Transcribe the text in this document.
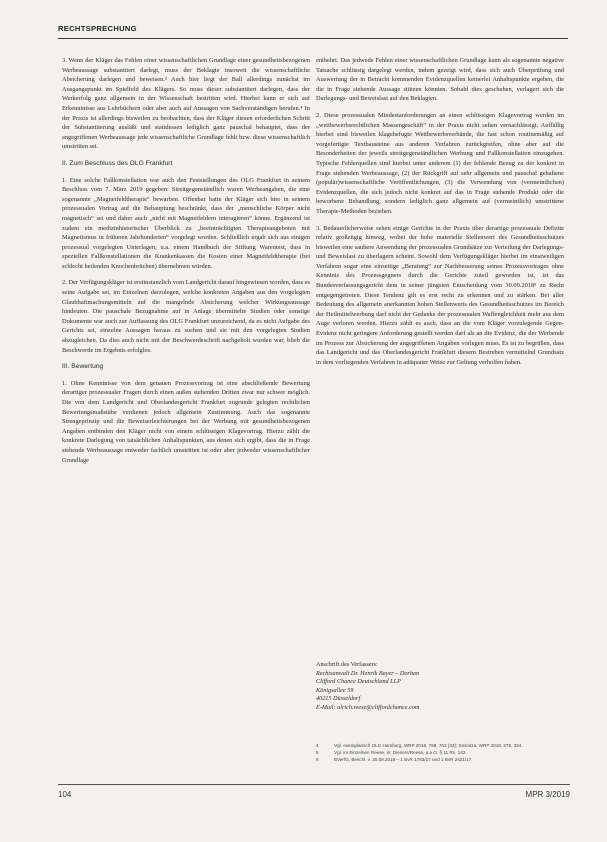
RECHTSPRECHUNG

3. Wenn der Kläger das Fehlen einer wissenschaftlichen Grundlage einer gesundheitsbezogenen Werbeaussage substantiiert darlegt, muss der Beklagte insoweit die wissenschaftliche Absicherung darlegen und beweisen.³ Auch hier liegt der Ball allerdings zunächst im Ausgangspunkt im Spielfeld des Klägers. So muss dieser substantiiert darlegen, dass der Werkerfolg ganz allgemein in der Wissenschaft bestritten wird. Hierbei kann er sich auf Erkenntnisse aus Lehrbüchern oder aber auch auf Aussagen von Sachverständigen berufen.⁴ In der Praxis ist allerdings bisweilen zu beobachten, dass der Kläger diesen erforderlichen Schritt der Substantiierung ausläßt und stattdessen lediglich ganz pauschal behauptet, dass der angegriffenen Werbeaussage jede wissenschaftliche Grundlage fehlt bzw. diese wissenschaftlich umstritten sei.

II. Zum Beschluss des OLG Frankfurt

1. Eine solche Fallkonstellation war auch den Feststellungen des OLG Frankfurt in seinem Beschluss vom 7. März 2019 gegeben: Streitgegenständlich waren Werbeangaben, die eine sogenannte „Magnetfeldtherapie“ bewarben. Offenbar hatte der Kläger sich hier in seinem prozessualen Vortrag auf die Behauptung beschränkt, dass der „menschliche Körper nicht magnetisch“ sei und daher auch „nicht mit Magnetfeldern interagieren“ könne. Ergänzend ist zudem ein medizinhistorischer Überblick zu „beeinträchtigten Therapieangeboten mit Magnetismus in früheren Jahrhunderten“ vorgelegt worden. Schließlich ergab sich aus einigen prozessual vorgelegten Unterlagen, u.a. einem Handbuch der Stiftung Warentest, dass in speziellen Fallkonstellationen die Krankenkassen die Kosten einer Magnetfeldtherapie (bei schlecht heilenden Knochenbrüchen) übernehmen würden.

2. Der Verfügungskläger ist erstinstanzlich vom Landgericht darauf hingewiesen worden, dass es seine Aufgabe sei, im Einzelnen darzulegen, welche konkreten Angaben aus den vorgelegten Glaubhaftmachungsmitteln auf die mangelnde Absicherung welcher Wirkungsaussage hindeuten. Die pauschale Bezugnahme auf in Anlage übermittelte Studien oder sonstige Dokumente war auch zur Auffassung des OLG Frankfurt unzureichend, da es nicht Aufgabe des Gerichts sei, einzelne Aussagen heraus zu suchen und sie mit den vorgelegten Studien abzugleichen. Da dies auch nicht mit der Beschwerdeschrift nachgeholt wurden war, blieb die Beschwerde im Ergebnis erfolglos.

III. Bewertung

1. Ohne Kenntnisse von dem genauen Prozessvortrag ist eine abschließende Bewertung derartiger prozessualer Fragen durch einen außen stehenden Dritten zwar nur schwer möglich. Die von dem Landgericht und Oberlandesgericht Frankfurt zugrunde gelegten rechtlichen Bewertungsmaßstäbe verdienen jedoch allgemein Zustimmung. Auch das sogenannte Strengeprinzip und die Beweiserleichterungen bei der Werbung mit gesundheitsbezogenen Angaben entbinden den Kläger nicht von einem schlüssigen Klagevortrag. Hierzu zählt die konkrete Darlegung von tatsächlichen Anhaltspunkten, aus denen sich ergibt, dass die in Frage stehende Werbeaussage entweder fachlich umstritten ist oder aber jedweder wissenschaftlicher Grundlage

entbehrt. Das jedwede Fehlen einer wissenschaftlichen Grundlage kann als sogenannte negative Tatsache schlüssig dargelegt werden, indem gezeigt wird, dass sich auch Überprüfung und Auswertung der in Betracht kommenden Evidenzquellen keinerlei Anhaltspunkte ergeben, die die in Frage stehende Aussage stützen könnten. Sobald dies geschehen, verlagert sich die Darlegungs- und Beweislast auf den Beklagten.

2. Diese prozessualen Mindestanforderungen an einen schlüssigen Klagevortrag werden im „wettbewerbsrechtlichen Massengeschäft“ in der Praxis nicht selten vernachlässigt. Auffällig hierbei sind bisweilen klagebefugte Wettbewerbsverbände, die fast schon routinemäßig auf vorgefertigte Textbausteine aus anderen Verfahren zurückgreifen, ohne aber auf die Besonderheiten der jeweils streitgegenständlichen Werbung und Fallkonstellation einzugehen. Typische Fehlerquellen sind hierbei unter anderem (1) der fehlende Bezug zu der konkret in Frage stehenden Werbeaussage, (2) der Rückgriff auf sehr allgemein und pauschal gehaltene (populär)wissenschaftliche Veröffentlichungen, (3) die Verwendung von (vermeintlichen) Evidenzquellen, die sich jedoch nicht konkret auf das in Frage stehende Produkt oder die beworbene Behandlung, sondern lediglich ganz allgemein auf (vermeintlich) umstrittene Therapie-Methoden beziehen.

3. Bedauerlicherweise sehen einige Gerichte in der Praxis über derartige prozessuale Defizite relativ großzügig hinweg, wobei der hohe materielle Stellenwert des Gesundheitsschutzes bisweilen eine saubere Anwendung der prozessualen Grundsätze zur Verteilung der Darlegungs- und Beweislast zu überlagern scheint. Sowohl dem Verfügungskläger hierbei im einstweiligen Verfahren sogar eine einseitige „Beratung“ zur Nachbesserung seines Prozessvortrages ohne Kenntnis des Prozessgegners durch die Gerichte zuteil geworden ist, ist das Bundesverfassungsgericht dem in seiner jüngsten Entscheidung vom 30.09.2018⁵ zu Recht entgegengetreten. Diese Tendenz gilt es erst recht zu erkennen und zu stärken. Bei aller Bedeutung des allgemein anerkannten hohen Stellenwerts des Gesundheitsschutzes im Bereich der Heilmittelwerbung darf nicht der Gedanke der prozessualen Waffengleichheit mehr aus dem Auge verloren werden. Hierzu zählt es auch, dass an die vom Kläger vorzulegende Gegen-Evidenz nicht geringere Anforderung gestellt werden darf als an die Evidenz, die der Werbende im Prozess zur Absicherung der angegriffenen Angaben vorlegen muss. Es ist zu begrüßen, dass das Landgericht und das Oberlandesgericht Frankfurt diesem Bestreben vermittelnd Grundsatz in dem vorliegenden Verfahren in adäquater Weise zur Geltung verholfen haben.

Anschrift des Verfassers:
Rechtsanwalt Dr. Henrik Bayer – Dorban
Clifford Chance Deutschland LLP
Königsallee 59
40215 Düsseldorf
E-Mail: ulrich.reese@cliffordchance.com
4	Vgl. exemplarisch OLG Hamburg, WRP 2018, 758, 763 (33); Sosnitza, WRP 2018, 278, 334.
5	Vgl. im Einzelnen Reese, in: Dieners/Reese, a.a.O. § 11 Rn. 142.
6	BVerfG, Beschl. v. 30.09.2018 – 1 BvR 1783/17 und 1 BvR 2421/17.
104	MPR 3/2019
